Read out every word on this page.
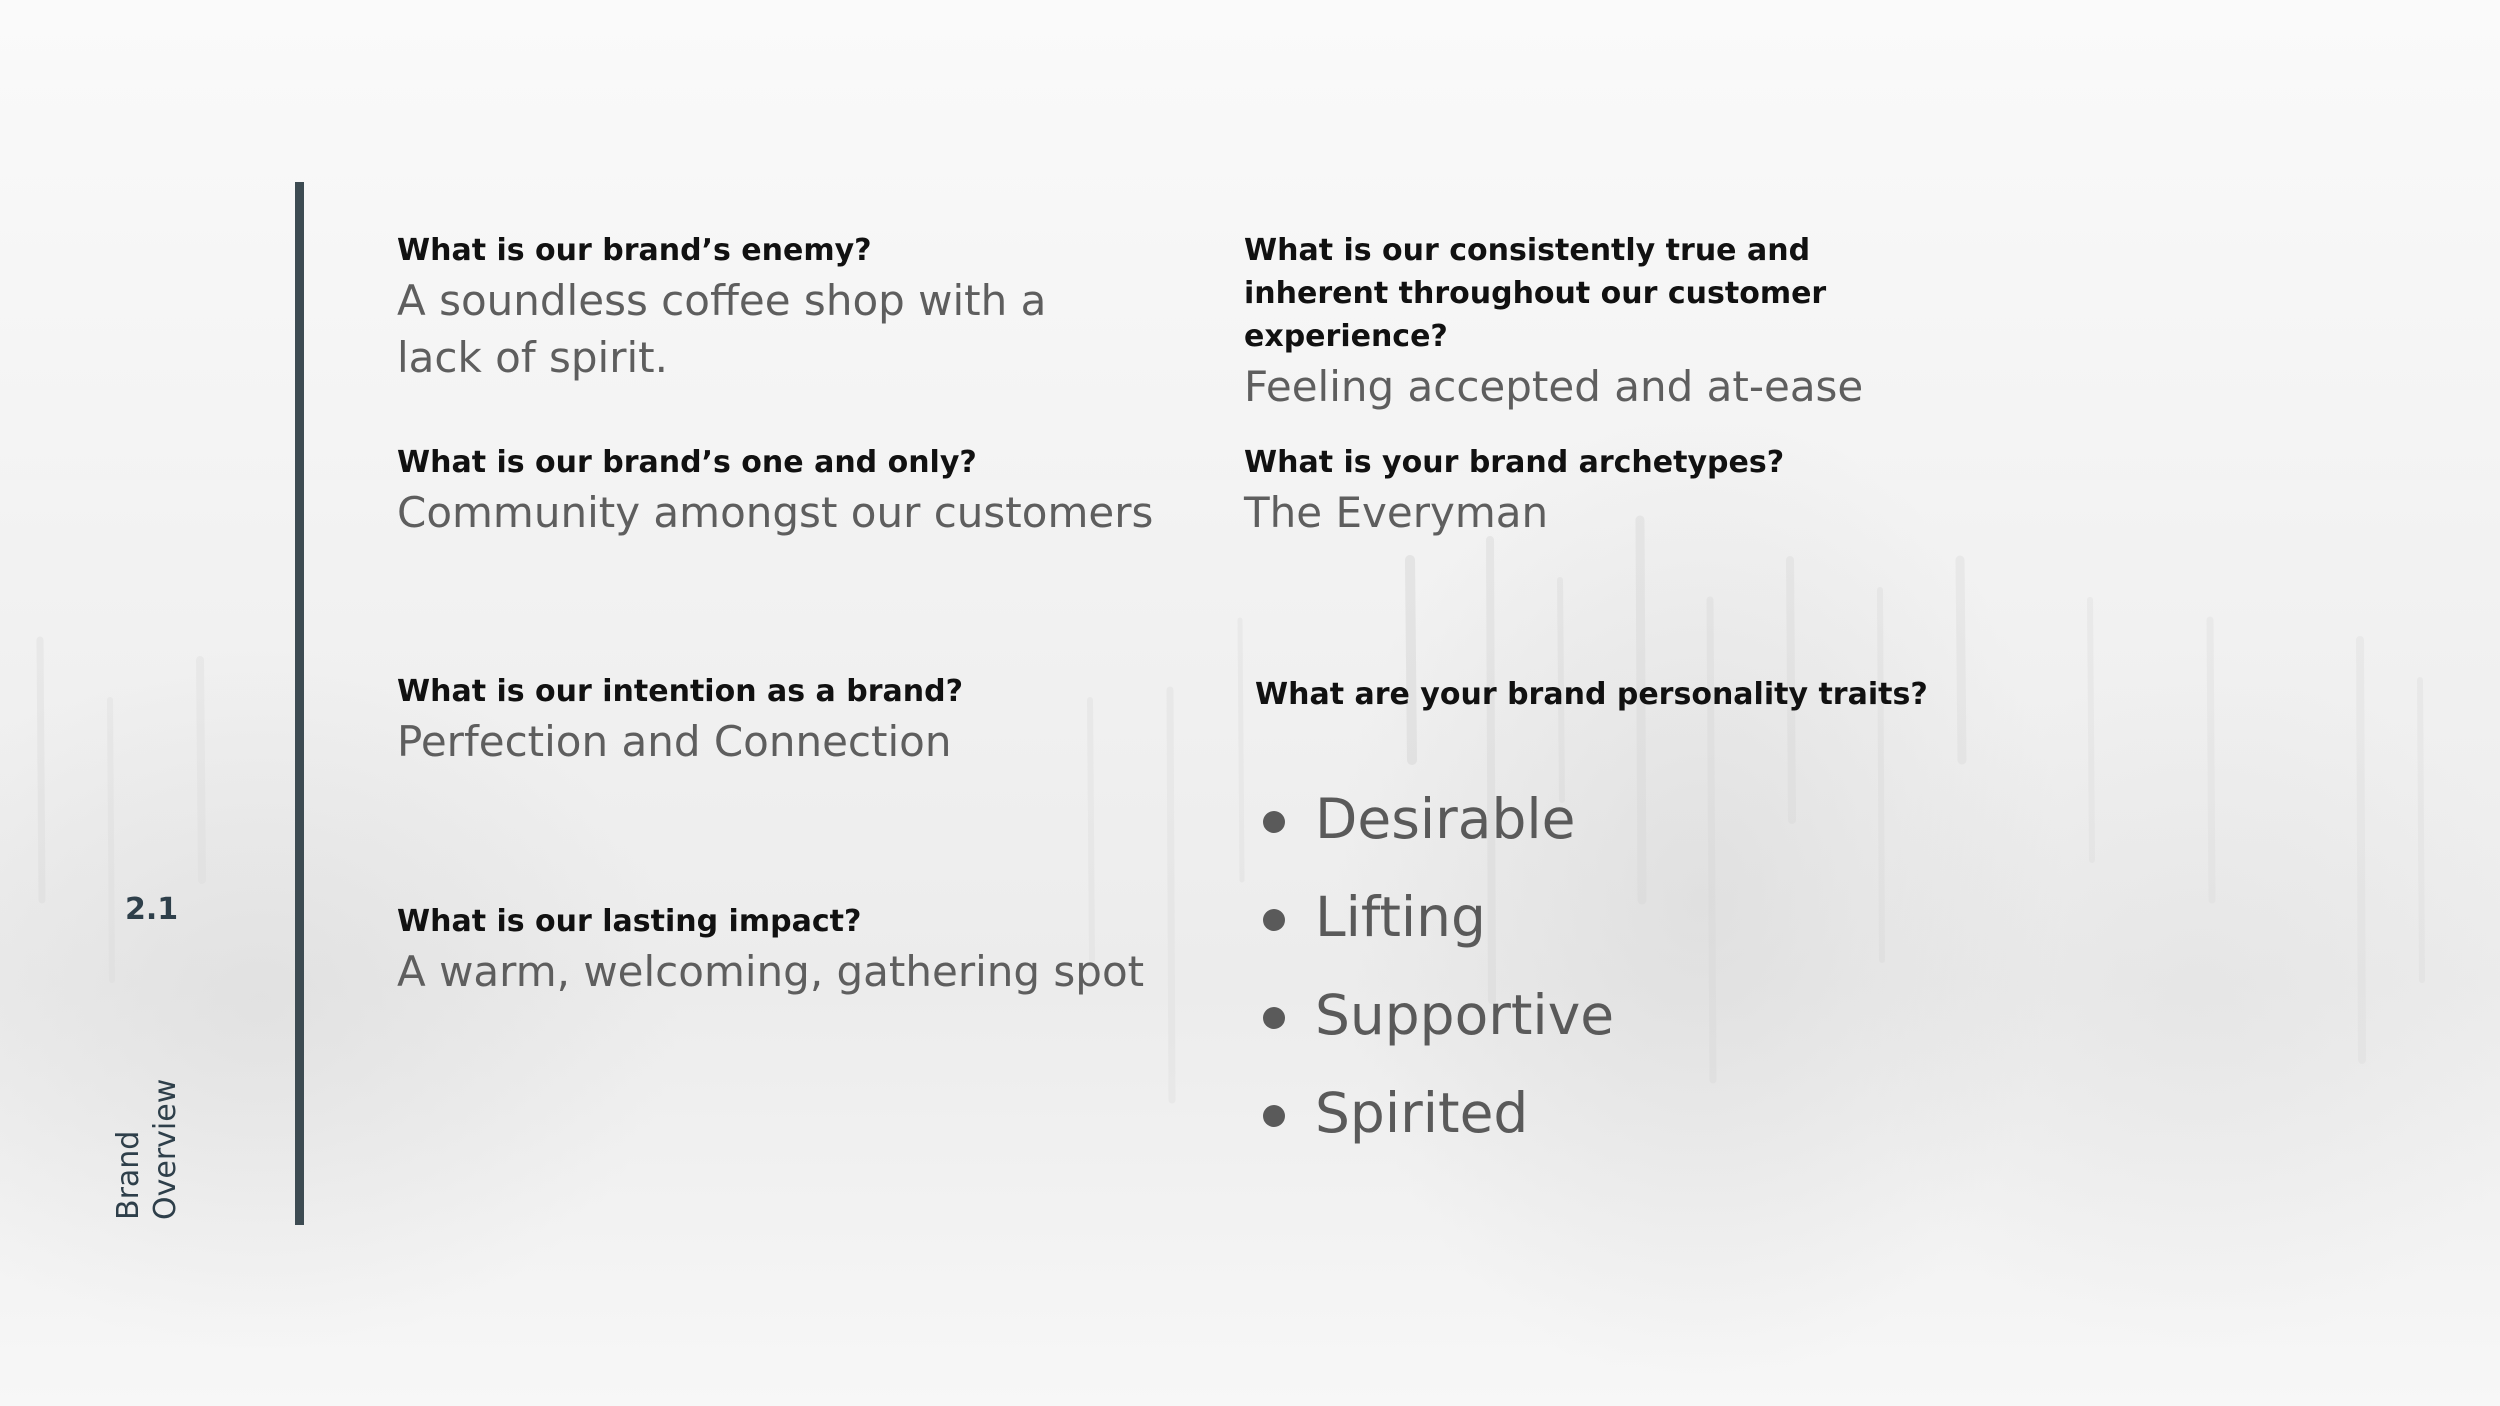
2.1
Brand
Overview
What is our brand’s enemy?
A soundless coffee shop with a lack of spirit.
What is our brand’s one and only?
Community amongst our customers
What is our intention as a brand?
Perfection and Connection
What is our lasting impact?
A warm, welcoming, gathering spot
What is our consistently true and inherent throughout our customer experience?
Feeling accepted and at-ease
What is your brand archetypes?
The Everyman
What are your brand personality traits?
Desirable
Lifting
Supportive
Spirited
